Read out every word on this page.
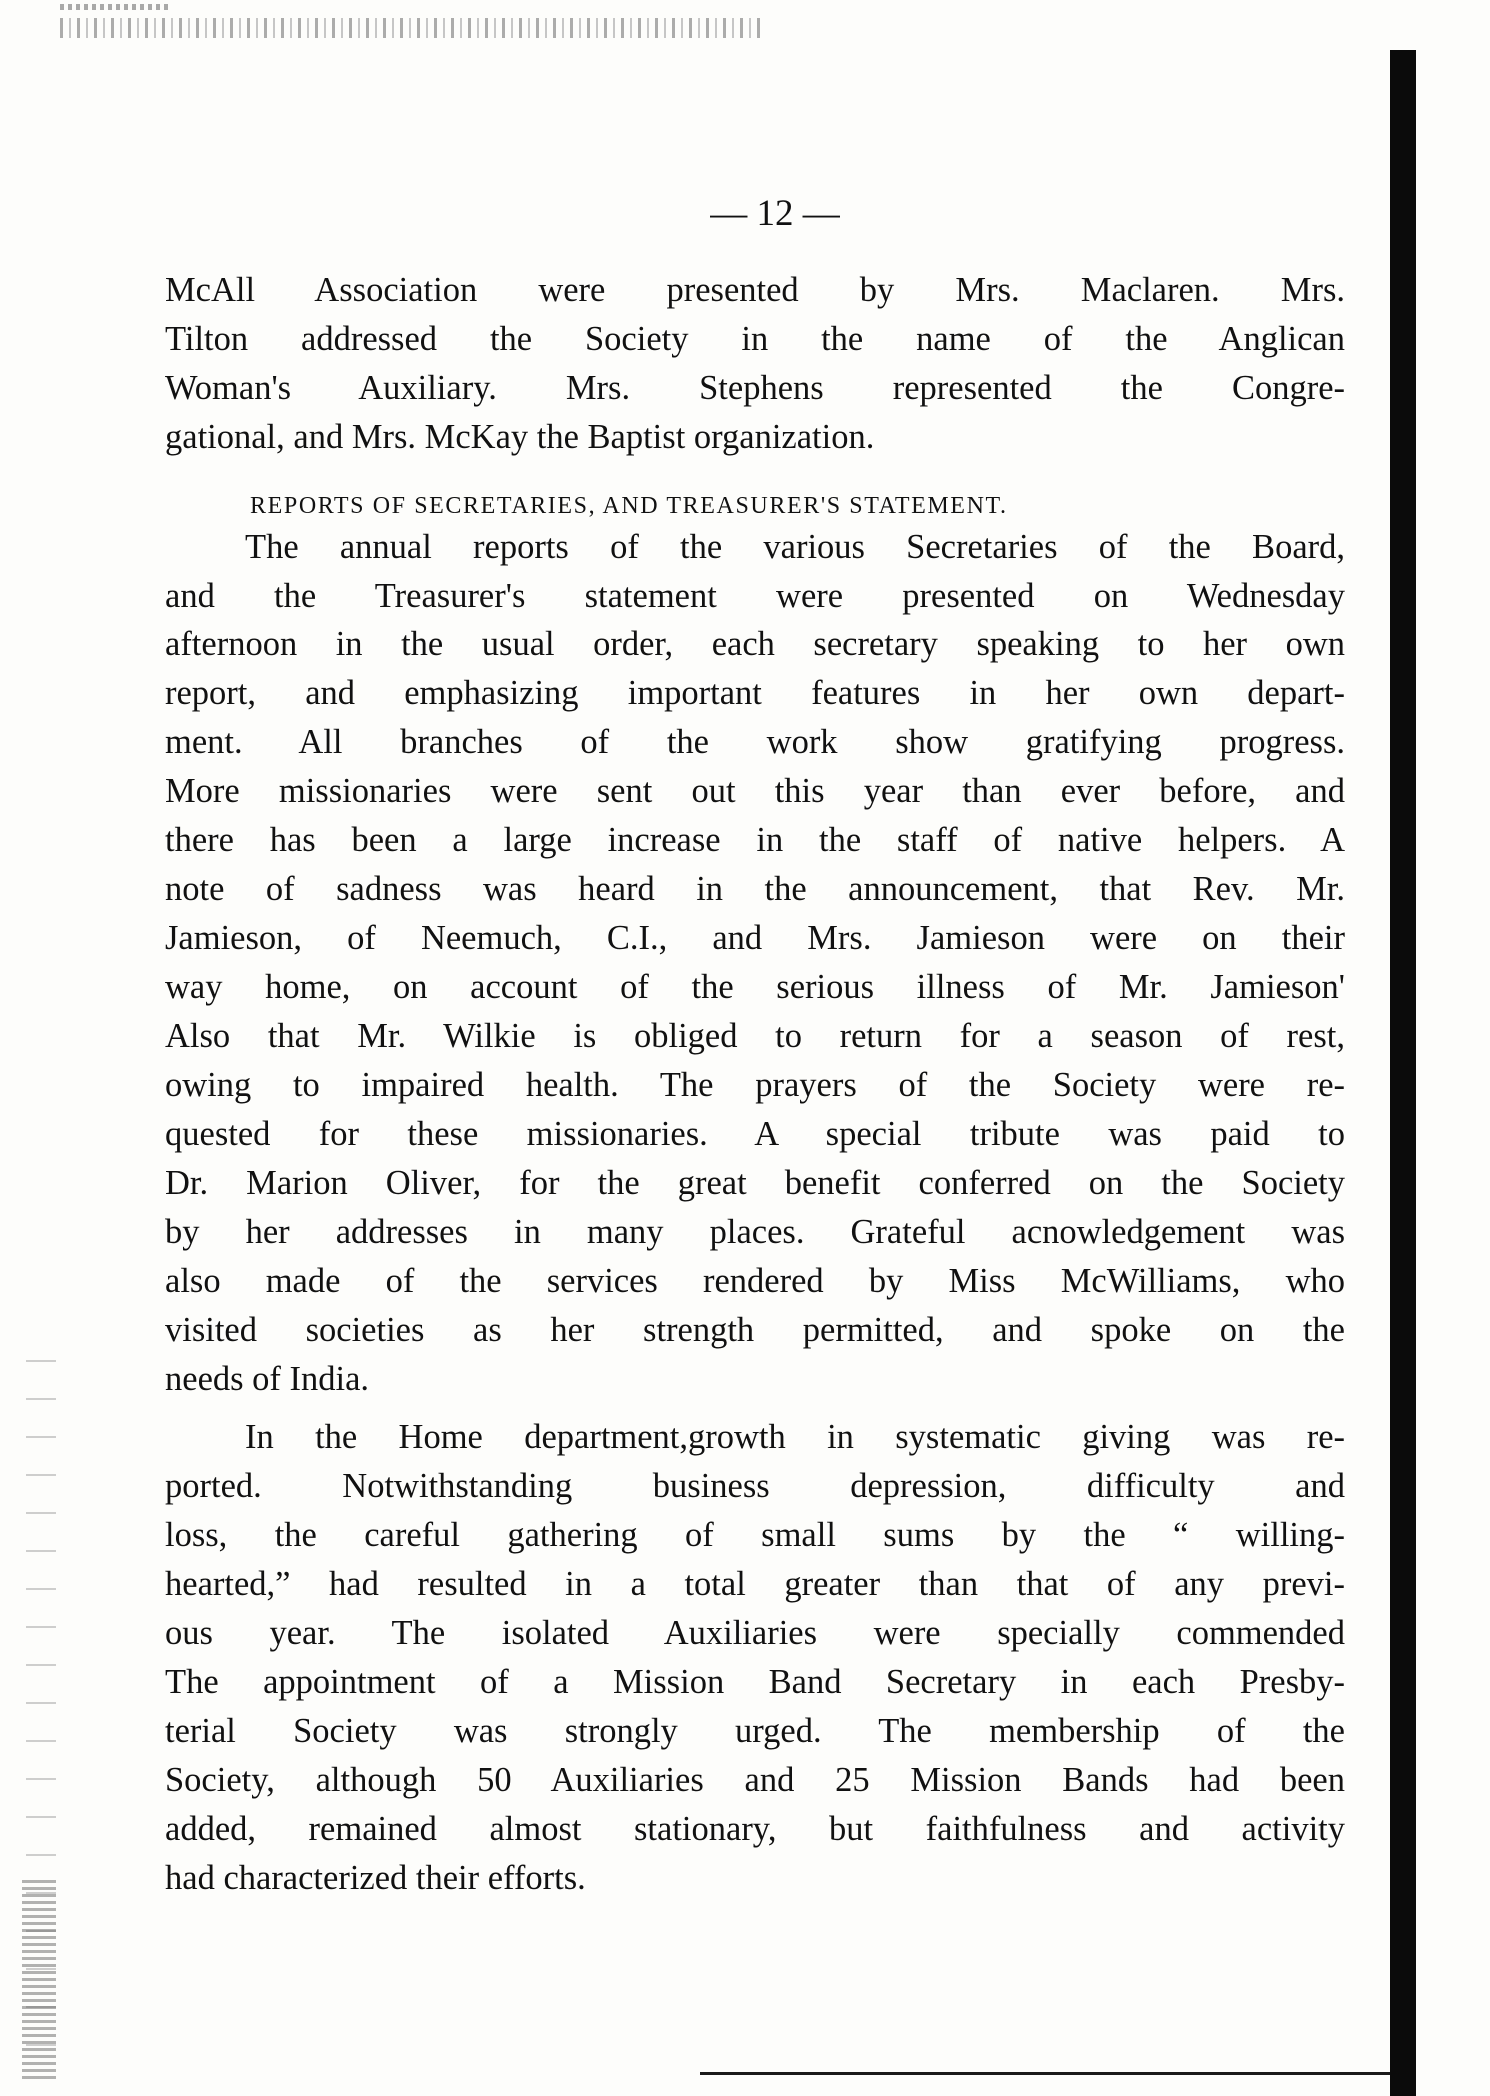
— 12 —
McAll Association were presented by Mrs. Maclaren. Mrs.
Tilton addressed the Society in the name of the Anglican
Woman's Auxiliary. Mrs. Stephens represented the Congre-
gational, and Mrs. McKay the Baptist organization.
REPORTS OF SECRETARIES, AND TREASURER'S STATEMENT.
The annual reports of the various Secretaries of the Board,
and the Treasurer's statement were presented on Wednesday
afternoon in the usual order, each secretary speaking to her own
report, and emphasizing important features in her own depart-
ment. All branches of the work show gratifying progress.
More missionaries were sent out this year than ever before, and
there has been a large increase in the staff of native helpers. A
note of sadness was heard in the announcement, that Rev. Mr.
Jamieson, of Neemuch, C.I., and Mrs. Jamieson were on their
way home, on account of the serious illness of Mr. Jamieson'
Also that Mr. Wilkie is obliged to return for a season of rest,
owing to impaired health. The prayers of the Society were re-
quested for these missionaries. A special tribute was paid to
Dr. Marion Oliver, for the great benefit conferred on the Society
by her addresses in many places. Grateful acnowledgement was
also made of the services rendered by Miss McWilliams, who
visited societies as her strength permitted, and spoke on the
needs of India.
In the Home department,growth in systematic giving was re-
ported. Notwithstanding business depression, difficulty and
loss, the careful gathering of small sums by the “ willing-
hearted,” had resulted in a total greater than that of any previ-
ous year. The isolated Auxiliaries were specially commended
The appointment of a Mission Band Secretary in each Presby-
terial Society was strongly urged. The membership of the
Society, although 50 Auxiliaries and 25 Mission Bands had been
added, remained almost stationary, but faithfulness and activity
had characterized their efforts.
